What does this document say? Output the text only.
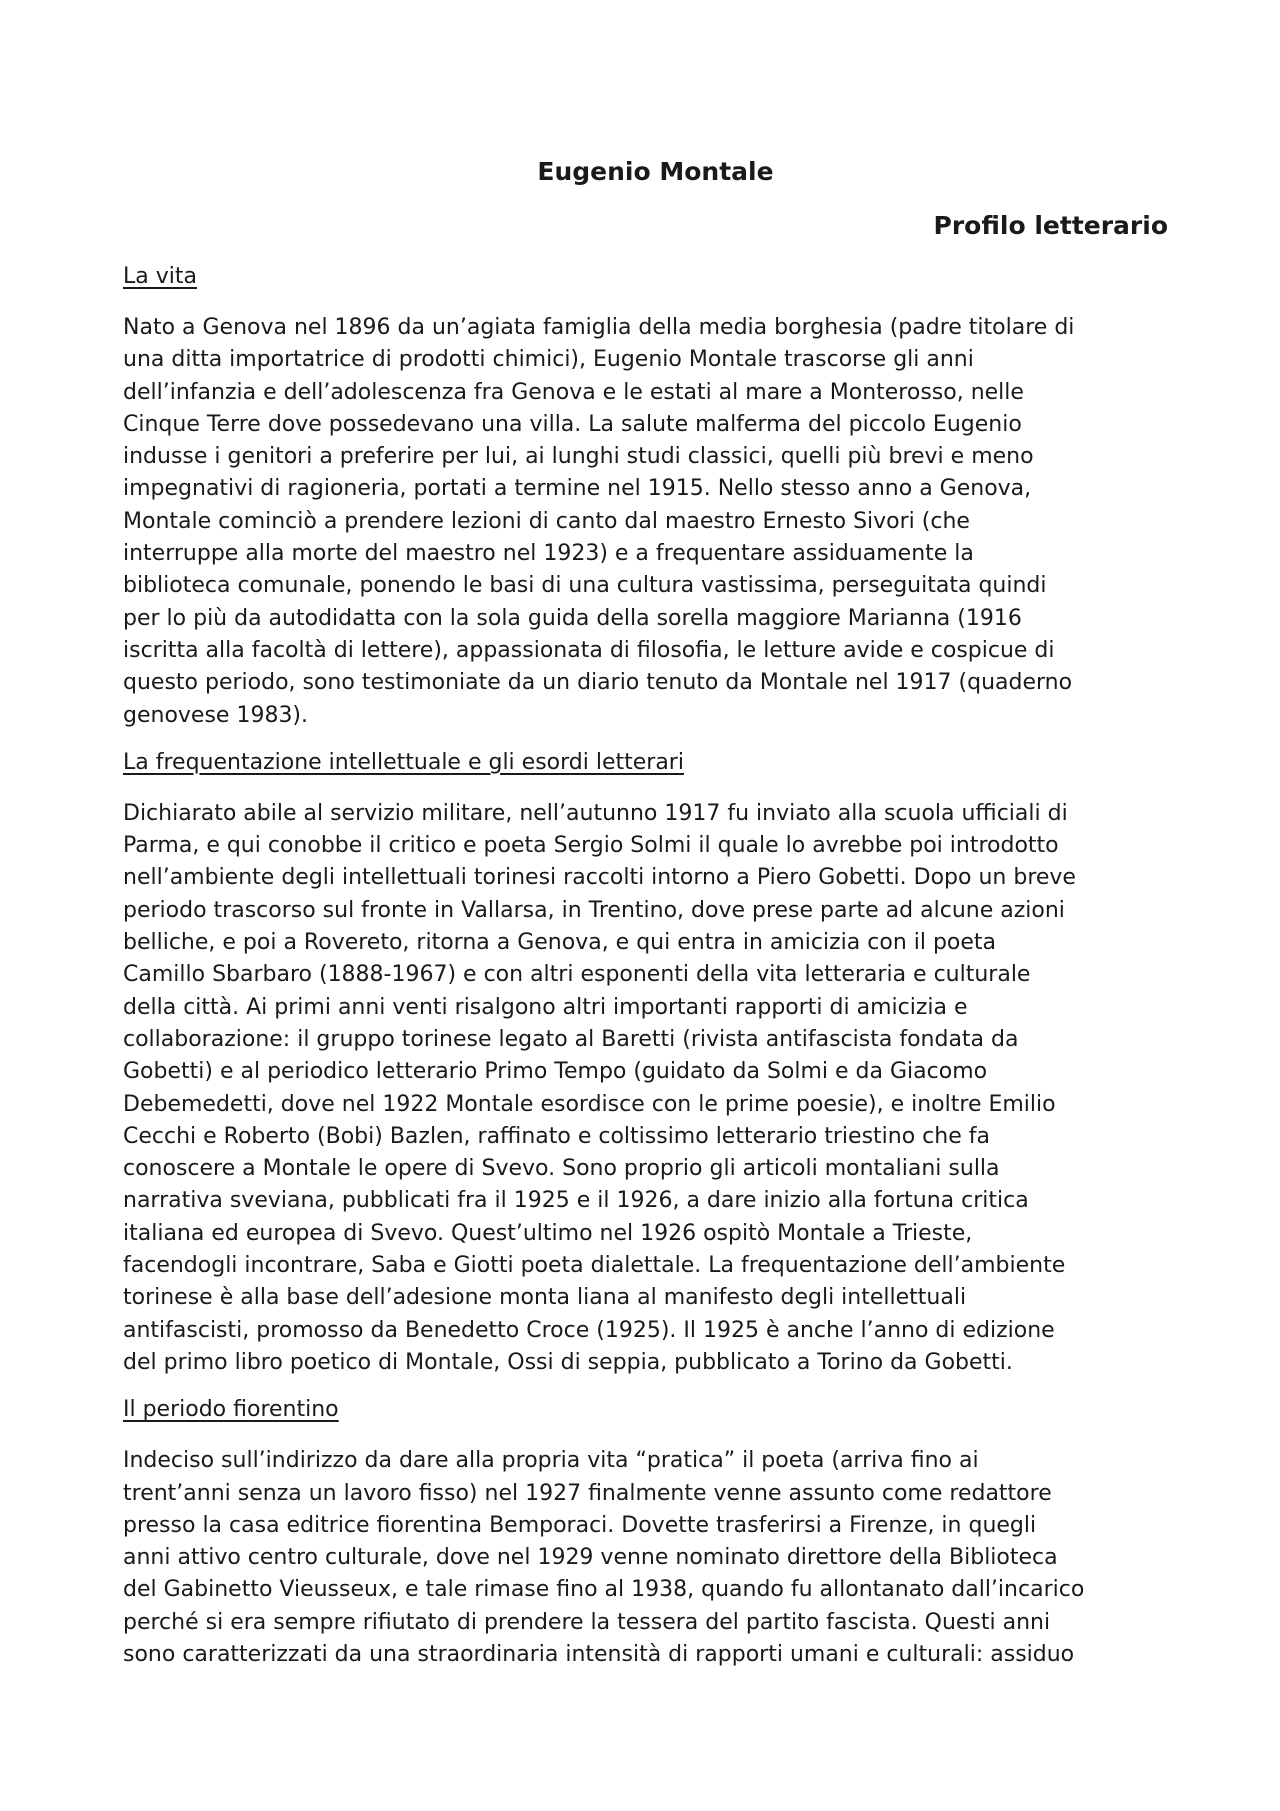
Eugenio Montale
Profilo letterario
La vita
Nato a Genova nel 1896 da un’agiata famiglia della media borghesia (padre titolare di
una ditta importatrice di prodotti chimici), Eugenio Montale trascorse gli anni
dell’infanzia e dell’adolescenza fra Genova e le estati al mare a Monterosso, nelle
Cinque Terre dove possedevano una villa. La salute malferma del piccolo Eugenio
indusse i genitori a preferire per lui, ai lunghi studi classici, quelli più brevi e meno
impegnativi di ragioneria, portati a termine nel 1915. Nello stesso anno a Genova,
Montale cominciò a prendere lezioni di canto dal maestro Ernesto Sivori (che
interruppe alla morte del maestro nel 1923) e a frequentare assiduamente la
biblioteca comunale, ponendo le basi di una cultura vastissima, perseguitata quindi
per lo più da autodidatta con la sola guida della sorella maggiore Marianna (1916
iscritta alla facoltà di lettere), appassionata di filosofia, le letture avide e cospicue di
questo periodo, sono testimoniate da un diario tenuto da Montale nel 1917 (quaderno
genovese 1983).
La frequentazione intellettuale e gli esordi letterari
Dichiarato abile al servizio militare, nell’autunno 1917 fu inviato alla scuola ufficiali di
Parma, e qui conobbe il critico e poeta Sergio Solmi il quale lo avrebbe poi introdotto
nell’ambiente degli intellettuali torinesi raccolti intorno a Piero Gobetti. Dopo un breve
periodo trascorso sul fronte in Vallarsa, in Trentino, dove prese parte ad alcune azioni
belliche, e poi a Rovereto, ritorna a Genova, e qui entra in amicizia con il poeta
Camillo Sbarbaro (1888-1967) e con altri esponenti della vita letteraria e culturale
della città. Ai primi anni venti risalgono altri importanti rapporti di amicizia e
collaborazione: il gruppo torinese legato al Baretti (rivista antifascista fondata da
Gobetti) e al periodico letterario Primo Tempo (guidato da Solmi e da Giacomo
Debemedetti, dove nel 1922 Montale esordisce con le prime poesie), e inoltre Emilio
Cecchi e Roberto (Bobi) Bazlen, raffinato e coltissimo letterario triestino che fa
conoscere a Montale le opere di Svevo. Sono proprio gli articoli montaliani sulla
narrativa sveviana, pubblicati fra il 1925 e il 1926, a dare inizio alla fortuna critica
italiana ed europea di Svevo. Quest’ultimo nel 1926 ospitò Montale a Trieste,
facendogli incontrare, Saba e Giotti poeta dialettale. La frequentazione dell’ambiente
torinese è alla base dell’adesione monta liana al manifesto degli intellettuali
antifascisti, promosso da Benedetto Croce (1925). Il 1925 è anche l’anno di edizione
del primo libro poetico di Montale, Ossi di seppia, pubblicato a Torino da Gobetti.
Il periodo fiorentino
Indeciso sull’indirizzo da dare alla propria vita “pratica” il poeta (arriva fino ai
trent’anni senza un lavoro fisso) nel 1927 finalmente venne assunto come redattore
presso la casa editrice fiorentina Bemporaci. Dovette trasferirsi a Firenze, in quegli
anni attivo centro culturale, dove nel 1929 venne nominato direttore della Biblioteca
del Gabinetto Vieusseux, e tale rimase fino al 1938, quando fu allontanato dall’incarico
perché si era sempre rifiutato di prendere la tessera del partito fascista. Questi anni
sono caratterizzati da una straordinaria intensità di rapporti umani e culturali: assiduo
